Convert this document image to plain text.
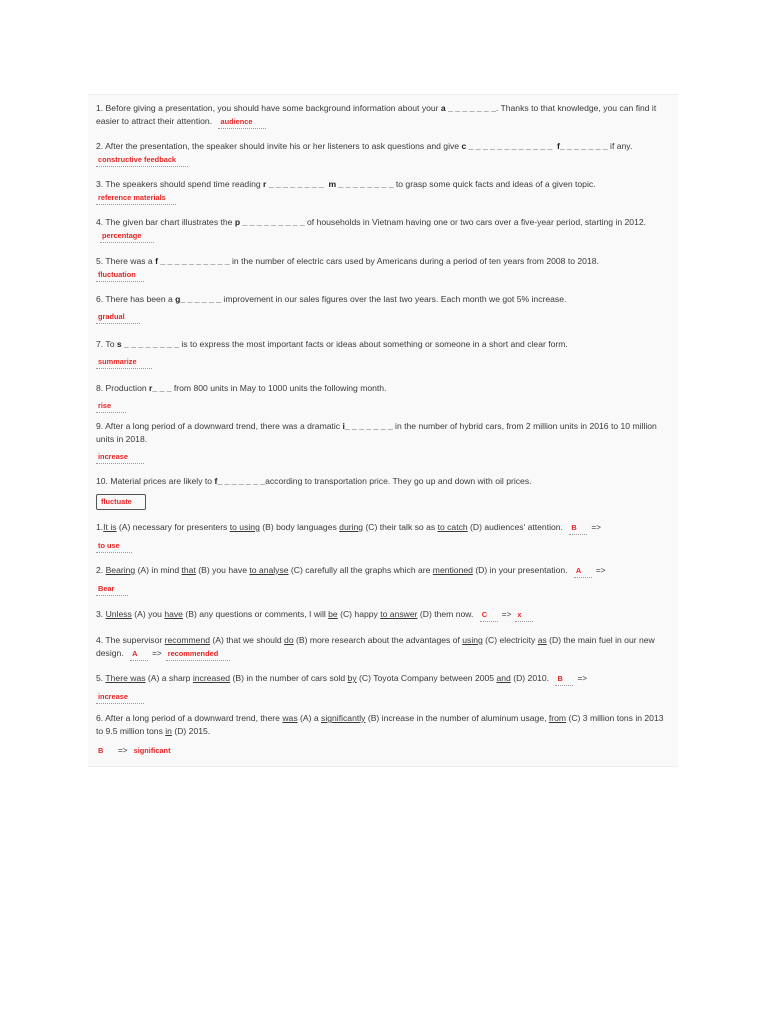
1. Before giving a presentation, you should have some background information about your a _ _ _ _ _ _ _. Thanks to that knowledge, you can find it easier to attract their attention. audience
2. After the presentation, the speaker should invite his or her listeners to ask questions and give c _ _ _ _ _ _ _ _ _ _ _ _  f_ _ _ _ _ _ _ if any.
constructive feedback
3. The speakers should spend time reading r _ _ _ _ _ _ _ _  m _ _ _ _ _ _ _ _ to grasp some quick facts and ideas of a given topic.
reference materials
4. The given bar chart illustrates the p _ _ _ _ _ _ _ _ _ of households in Vietnam having one or two cars over a five-year period, starting in 2012. percentage
5. There was a f _ _ _ _ _ _ _ _ _ _ in the number of electric cars used by Americans during a period of ten years from 2008 to 2018.
fluctuation
6. There has been a g_ _ _ _ _ _ improvement in our sales figures over the last two years. Each month we got 5% increase.
gradual
7. To s _ _ _ _ _ _ _ _ is to express the most important facts or ideas about something or someone in a short and clear form.
summarize
8. Production r_ _ _ from 800 units in May to 1000 units the following month.
rise
9. After a long period of a downward trend, there was a dramatic i_ _ _ _ _ _ _ in the number of hybrid cars, from 2 million units in 2016 to 10 million units in 2018.
increase
10. Material prices are likely to f_ _ _ _ _ _ _according to transportation price. They go up and down with oil prices.
fluctuate
1.It is (A) necessary for presenters to using (B) body languages during (C) their talk so as to catch (D) audiences' attention. B =>
to use
2. Bearing (A) in mind that (B) you have to analyse (C) carefully all the graphs which are mentioned (D) in your presentation. A =>
Bear
3. Unless (A) you have (B) any questions or comments, I will be (C) happy to answer (D) them now. C => x
4. The supervisor recommend (A) that we should do (B) more research about the advantages of using (C) electricity as (D) the main fuel in our new design. A => recommended
5. There was (A) a sharp increased (B) in the number of cars sold by (C) Toyota Company between 2005 and (D) 2010. B =>
increase
6. After a long period of a downward trend, there was (A) a significantly (B) increase in the number of aluminum usage, from (C) 3 million tons in 2013 to 9.5 million tons in (D) 2015.
B => significant
